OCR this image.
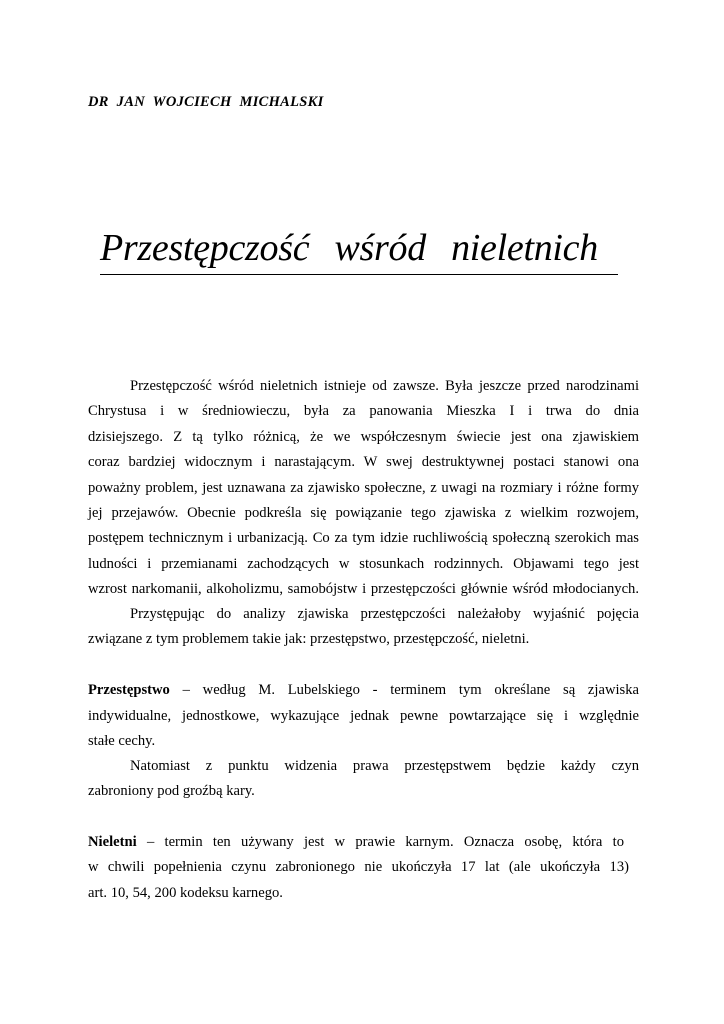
DR JAN WOJCIECH MICHALSKI
Przestępczość wśród nieletnich
Przestępczość wśród nieletnich istnieje od zawsze. Była jeszcze przed narodzinami
Chrystusa i w średniowieczu, była za panowania Mieszka I i trwa do dnia
dzisiejszego. Z tą tylko różnicą, że we współczesnym świecie jest ona zjawiskiem
coraz bardziej widocznym i narastającym. W swej destruktywnej postaci stanowi ona
poważny problem, jest uznawana za zjawisko społeczne, z uwagi na rozmiary i różne formy
jej przejawów. Obecnie podkreśla się powiązanie tego zjawiska z wielkim rozwojem,
postępem technicznym i urbanizacją. Co za tym idzie ruchliwością społeczną szerokich mas
ludności i przemianami zachodzących w stosunkach rodzinnych. Objawami tego jest
wzrost narkomanii, alkoholizmu, samobójstw i przestępczości głównie wśród młodocianych.
Przystępując do analizy zjawiska przestępczości należałoby wyjaśnić pojęcia
związane z tym problemem takie jak: przestępstwo, przestępczość, nieletni.
Przestępstwo – według M. Lubelskiego - terminem tym określane są zjawiska
indywidualne, jednostkowe, wykazujące jednak pewne powtarzające się i względnie
stałe cechy.
Natomiast z punktu widzenia prawa przestępstwem będzie każdy czyn
zabroniony pod groźbą kary.
Nieletni – termin ten używany jest w prawie karnym. Oznacza osobę, która to
w chwili popełnienia czynu zabronionego nie ukończyła 17 lat (ale ukończyła 13)
art. 10, 54, 200 kodeksu karnego.
